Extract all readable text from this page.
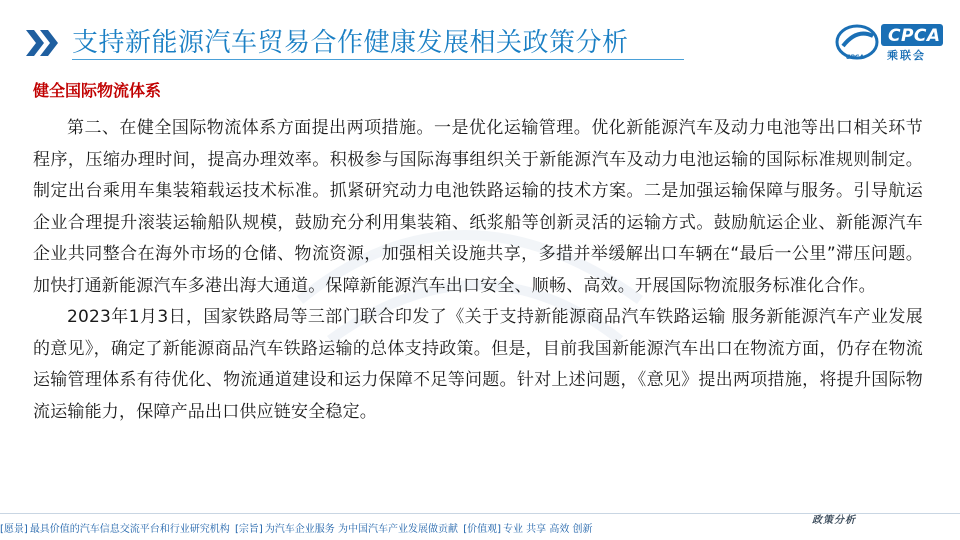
支持新能源汽车贸易合作健康发展相关政策分析	CPCA
乘联会
CPCA
健全国际物流体系

第二、在健全国际物流体系方面提出两项措施。一是优化运输管理。优化新能源汽车及动力电池等出口相关环节程序，压缩办理时间，提高办理效率。积极参与国际海事组织关于新能源汽车及动力电池运输的国际标准规则制定。制定出台乘用车集装箱载运技术标准。抓紧研究动力电池铁路运输的技术方案。二是加强运输保障与服务。引导航运企业合理提升滚装运输船队规模，鼓励充分利用集装箱、纸浆船等创新灵活的运输方式。鼓励航运企业、新能源汽车企业共同整合在海外市场的仓储、物流资源，加强相关设施共享，多措并举缓解出口车辆在“最后一公里”滞压问题。加快打通新能源汽车多港出海大通道。保障新能源汽车出口安全、顺畅、高效。开展国际物流服务标准化合作。

2023年1月3日，国家铁路局等三部门联合印发了《关于支持新能源商品汽车铁路运输 服务新能源汽车产业发展的意见》，确定了新能源商品汽车铁路运输的总体支持政策。但是，目前我国新能源汽车出口在物流方面，仍存在物流运输管理体系有待优化、物流通道建设和运力保障不足等问题。针对上述问题，《意见》提出两项措施，将提升国际物流运输能力，保障产品出口供应链安全稳定。

政策分析
[愿景] 最具价值的汽车信息交流平台和行业研究机构 [宗旨] 为汽车企业服务 为中国汽车产业发展做贡献 [价值观] 专业 共享 高效 创新
